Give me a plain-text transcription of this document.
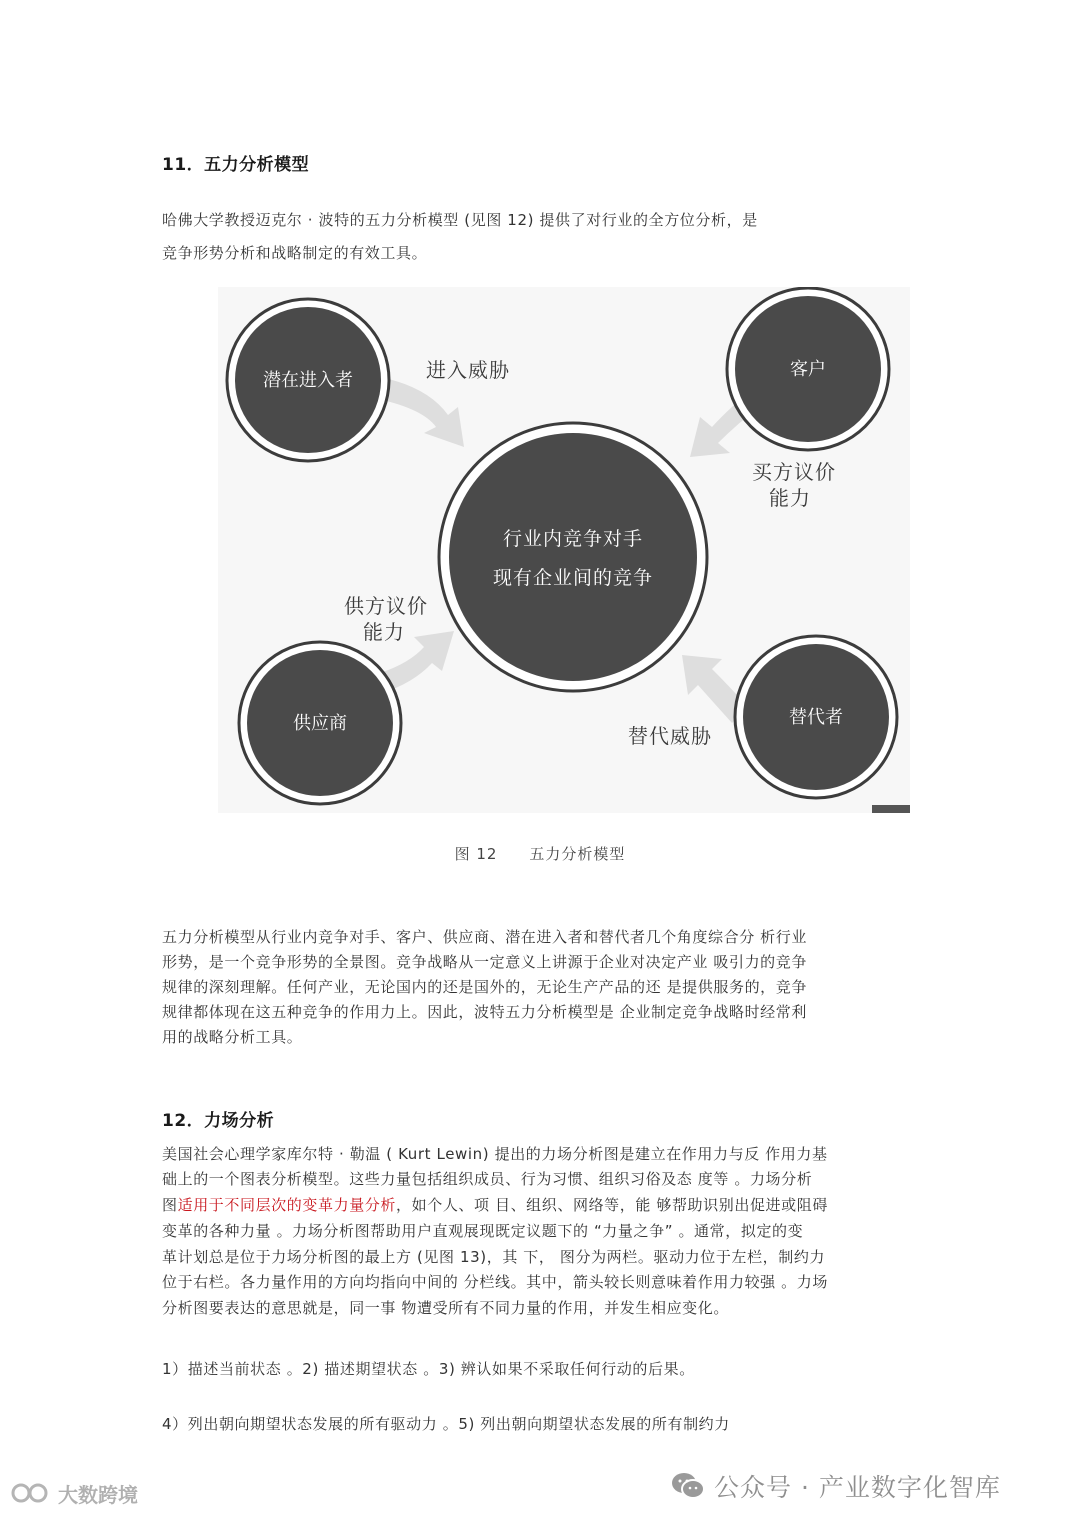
11．五力分析模型

哈佛大学教授迈克尔 · 波特的五力分析模型 (见图 12) 提供了对行业的全方位分析，是

竞争形势分析和战略制定的有效工具。

行业内竞争对手
现有企业间的竞争
潜在进入者
客户
供应商	替代者
进入威胁
买方议价
能力
供方议价
能力
替代威胁

图 12　　五力分析模型

五力分析模型从行业内竞争对手、客户、供应商、潜在进入者和替代者几个角度综合分 析行业

形势，是一个竞争形势的全景图。竞争战略从一定意义上讲源于企业对决定产业 吸引力的竞争

规律的深刻理解。任何产业，无论国内的还是国外的，无论生产产品的还 是提供服务的，竞争

规律都体现在这五种竞争的作用力上。因此，波特五力分析模型是 企业制定竞争战略时经常利

用的战略分析工具。

12．力场分析

美国社会心理学家库尔特 · 勒温 ( Kurt Lewin) 提出的力场分析图是建立在作用力与反 作用力基

础上的一个图表分析模型。这些力量包括组织成员、行为习惯、组织习俗及态 度等 。力场分析

图适用于不同层次的变革力量分析，如个人、项 目、组织、网络等，能 够帮助识别出促进或阻碍

变革的各种力量 。力场分析图帮助用户直观展现既定议题下的 “力量之争” 。通常，拟定的变

革计划总是位于力场分析图的最上方 (见图 13)，其 下， 图分为两栏。驱动力位于左栏，制约力

位于右栏。各力量作用的方向均指向中间的 分栏线。其中，箭头较长则意味着作用力较强 。力场

分析图要表达的意思就是，同一事 物遭受所有不同力量的作用，并发生相应变化。

1）描述当前状态 。2) 描述期望状态 。3) 辨认如果不采取任何行动的后果。

4）列出朝向期望状态发展的所有驱动力 。5) 列出朝向期望状态发展的所有制约力

公众号 · 产业数字化智库
大数跨境
